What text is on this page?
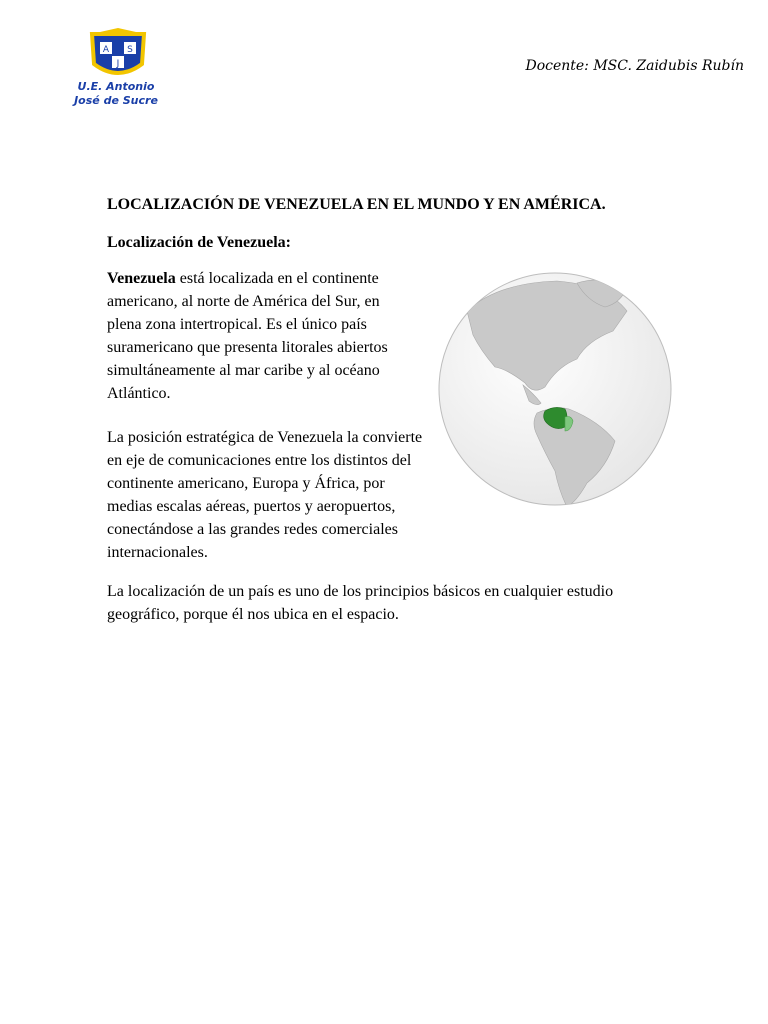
A S
J
U.E. Antonio
José de Sucre
Docente: MSC. Zaidubis Rubín
LOCALIZACIÓN DE VENEZUELA EN EL MUNDO Y EN AMÉRICA.
Localización de Venezuela:

Venezuela está localizada en el continente americano, al norte de América del Sur, en plena zona intertropical. Es el único país suramericano que presenta litorales abiertos simultáneamente al mar caribe y al océano Atlántico.

La posición estratégica de Venezuela la convierte en eje de comunicaciones entre los distintos del continente americano, Europa y África, por medias escalas aéreas, puertos y aeropuertos, conectándose a las grandes redes comerciales internacionales.

La localización de un país es uno de los principios básicos en cualquier estudio geográfico, porque él nos ubica en el espacio.
